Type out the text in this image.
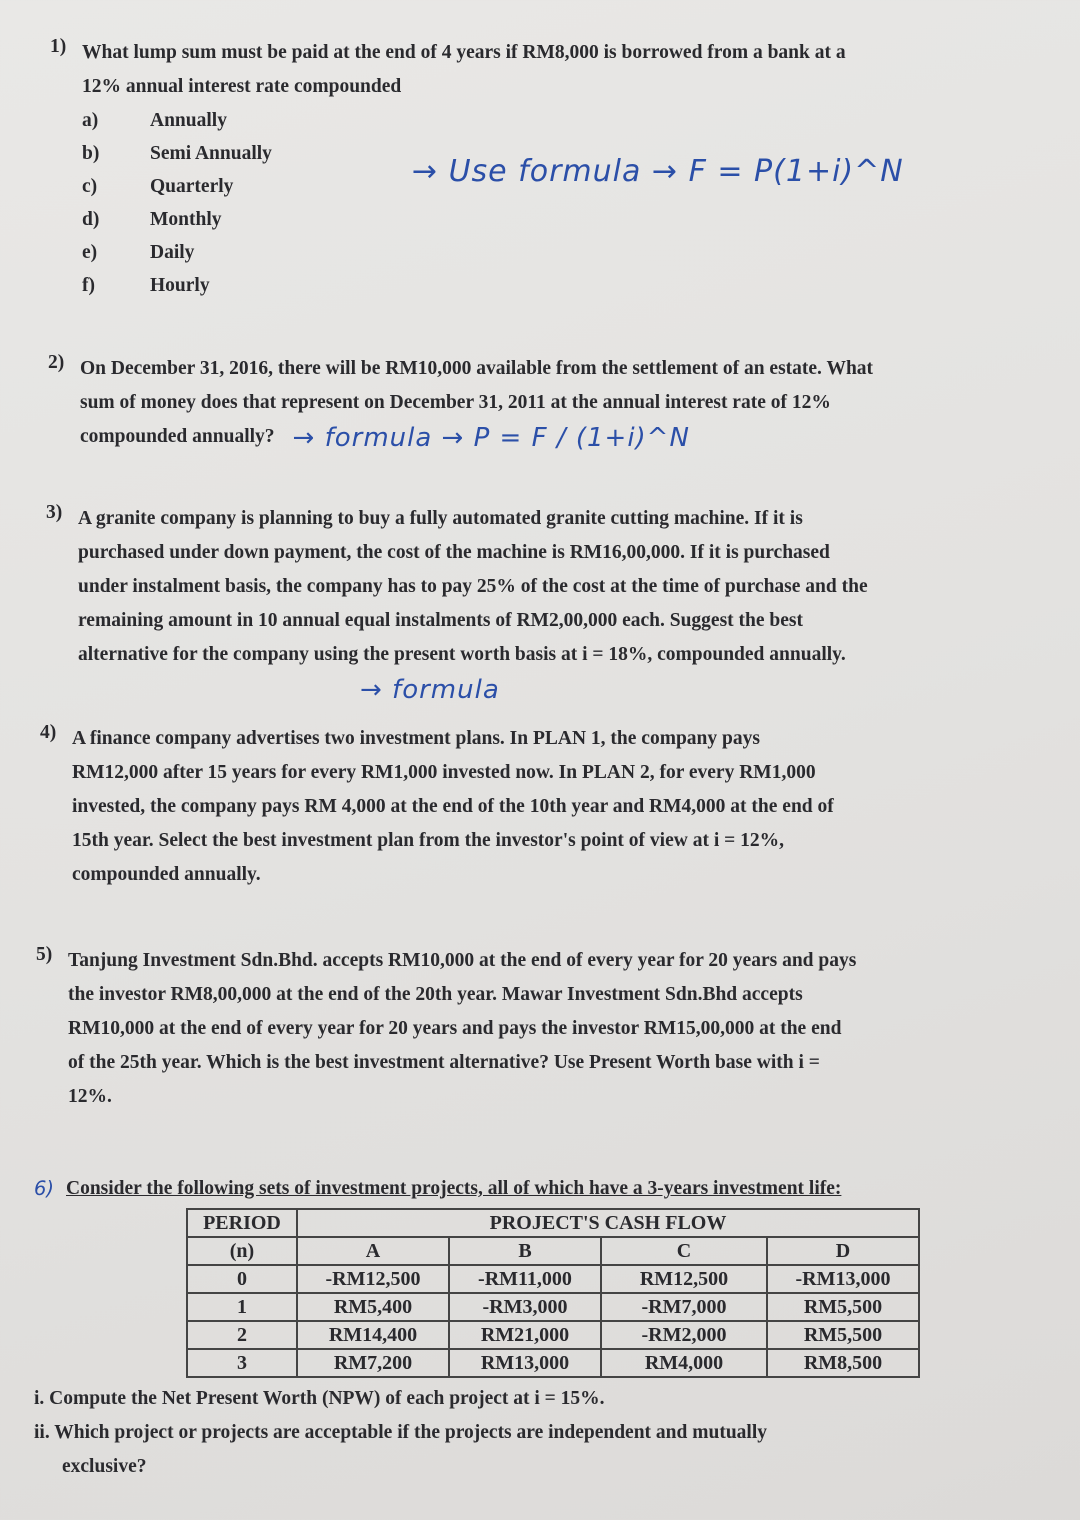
1) What lump sum must be paid at the end of 4 years if RM8,000 is borrowed from a bank at a
12% annual interest rate compounded
a)	Annually
b)	Semi Annually
c)	Quarterly
d)	Monthly
e)	Daily
f)	Hourly
→ Use formula → F = P(1+i)^N
2) On December 31, 2016, there will be RM10,000 available from the settlement of an estate. What
sum of money does that represent on December 31, 2011 at the annual interest rate of 12%
compounded annually? → formula → P = F / (1+i)^N
3) A granite company is planning to buy a fully automated granite cutting machine. If it is
purchased under down payment, the cost of the machine is RM16,00,000. If it is purchased
under instalment basis, the company has to pay 25% of the cost at the time of purchase and the
remaining amount in 10 annual equal instalments of RM2,00,000 each. Suggest the best
alternative for the company using the present worth basis at i = 18%, compounded annually.
→ formula
4) A finance company advertises two investment plans. In PLAN 1, the company pays
RM12,000 after 15 years for every RM1,000 invested now. In PLAN 2, for every RM1,000
invested, the company pays RM 4,000 at the end of the 10th year and RM4,000 at the end of
15th year. Select the best investment plan from the investor's point of view at i = 12%,
compounded annually.
5) Tanjung Investment Sdn.Bhd. accepts RM10,000 at the end of every year for 20 years and pays
the investor RM8,00,000 at the end of the 20th year. Mawar Investment Sdn.Bhd accepts
RM10,000 at the end of every year for 20 years and pays the investor RM15,00,000 at the end
of the 25th year. Which is the best investment alternative? Use Present Worth base with i =
12%.
6) Consider the following sets of investment projects, all of which have a 3-years investment life:
PERIOD	PROJECT'S CASH FLOW			
(n)	A	B	C	D
0	-RM12,500	-RM11,000	RM12,500	-RM13,000
1	RM5,400	-RM3,000	-RM7,000	RM5,500
2	RM14,400	RM21,000	-RM2,000	RM5,500
3	RM7,200	RM13,000	RM4,000	RM8,500
i. Compute the Net Present Worth (NPW) of each project at i = 15%.
ii. Which project or projects are acceptable if the projects are independent and mutually
exclusive?
